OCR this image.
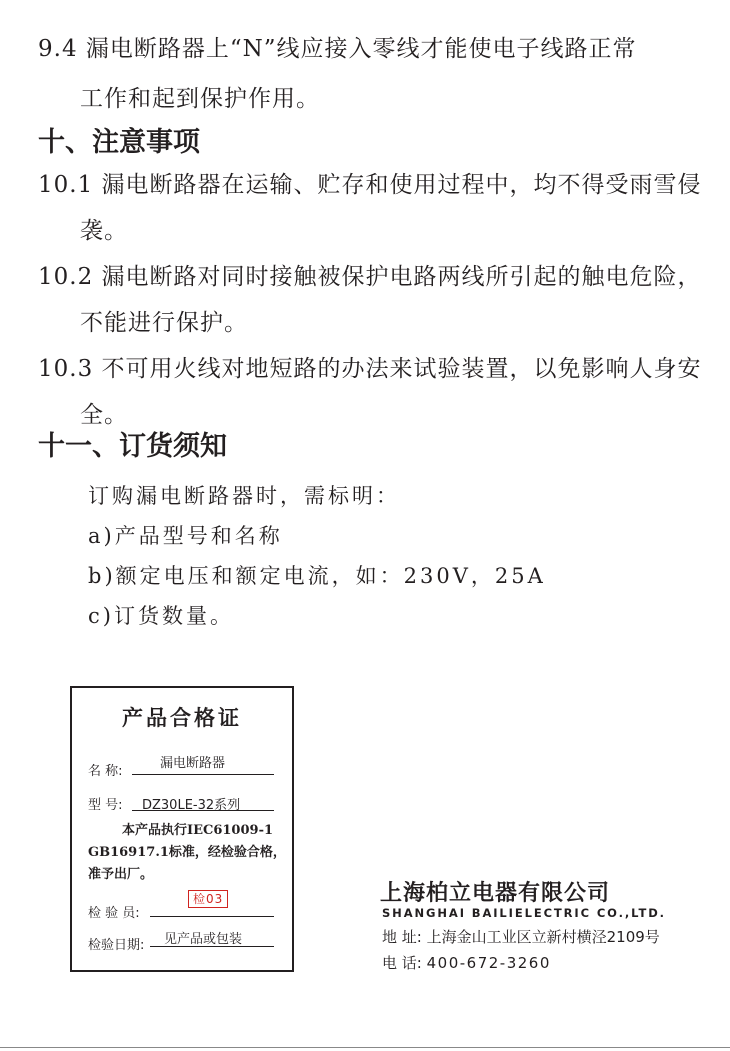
9.4 漏电断路器上“N”线应接入零线才能使电子线路正常
工作和起到保护作用。
十、注意事项
10.1 漏电断路器在运输、贮存和使用过程中，均不得受雨雪侵
袭。
10.2 漏电断路对同时接触被保护电路两线所引起的触电危险，
不能进行保护。
10.3 不可用火线对地短路的办法来试验装置，以免影响人身安
全。
十一、订货须知
订购漏电断路器时，需标明：
a)产品型号和名称
b)额定电压和额定电流，如：230V，25A
c)订货数量。
产品合格证
名 称:
漏电断路器
型 号: DZ30LE-32系列
本产品执行IEC61009-1
GB16917.1标准，经检验合格，
准予出厂。
检 验 员:
检03
检验日期: 见产品或包装
上海柏立电器有限公司
SHANGHAI BAILIELECTRIC CO.,LTD.
地 址: 上海金山工业区立新村横泾2109号
电 话: 400-672-3260
